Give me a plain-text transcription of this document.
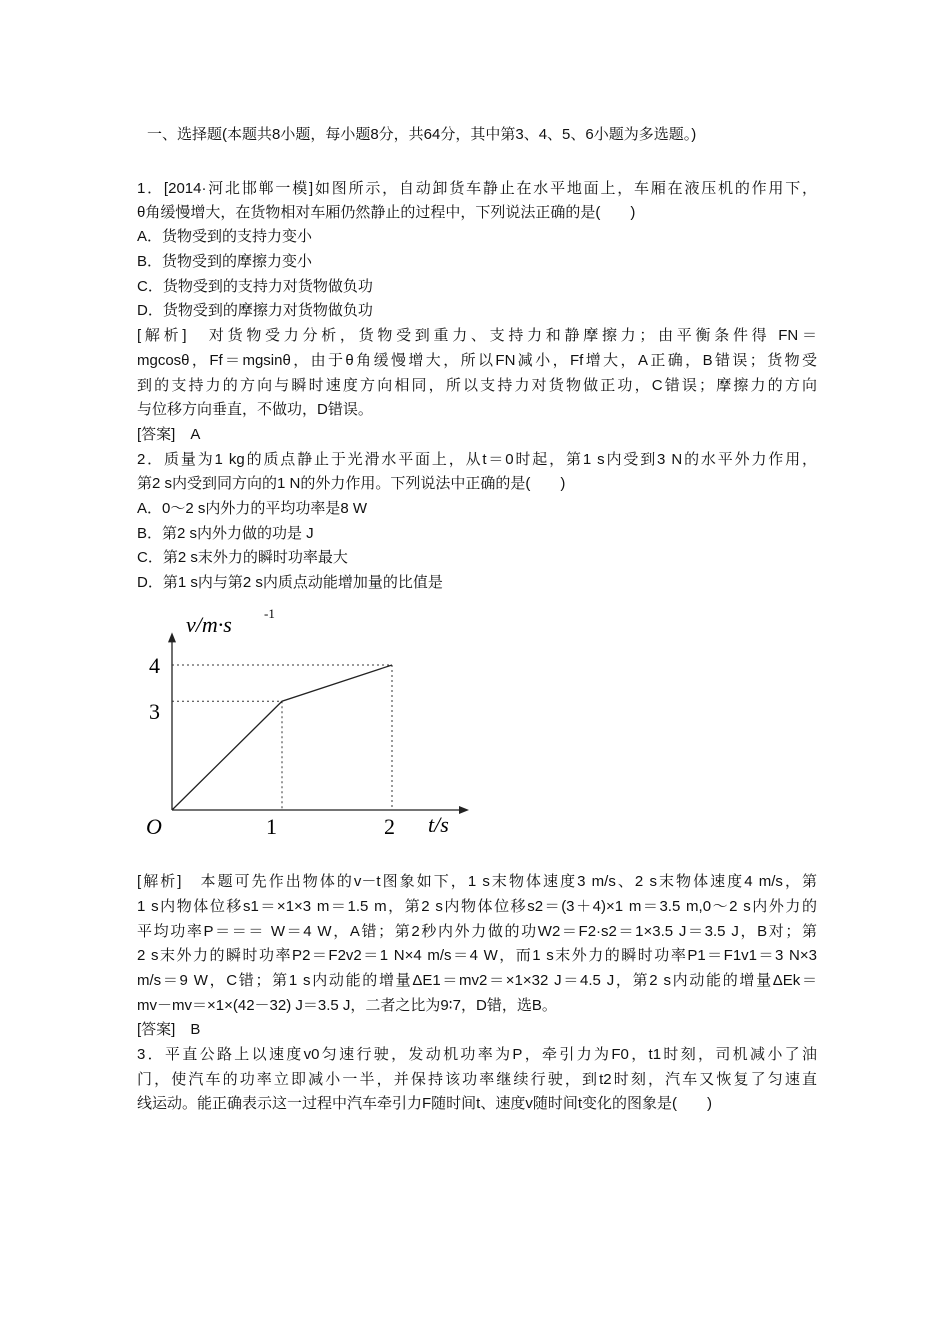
一、选择题(本题共8小题，每小题8分，共64分，其中第3、4、5、6小题为多选题。)
1．[2014·河北邯郸一模]如图所示，自动卸货车静止在水平地面上，车厢在液压机的作用下，
θ角缓慢增大，在货物相对车厢仍然静止的过程中，下列说法正确的是(　　)
A．货物受到的支持力变小
B．货物受到的摩擦力变小
C．货物受到的支持力对货物做负功
D．货物受到的摩擦力对货物做负功
[解析]　对货物受力分析，货物受到重力、支持力和静摩擦力；由平衡条件得 FN＝
mgcosθ，Ff＝mgsinθ，由于θ角缓慢增大，所以FN减小，Ff增大，A正确，B错误；货物受
到的支持力的方向与瞬时速度方向相同，所以支持力对货物做正功，C错误；摩擦力的方向
与位移方向垂直，不做功，D错误。
[答案]　A
2．质量为1 kg的质点静止于光滑水平面上，从t＝0时起，第1 s内受到3 N的水平外力作用，
第2 s内受到同方向的1 N的外力作用。下列说法中正确的是(　　)
A．0～2 s内外力的平均功率是8 W
B．第2 s内外力做的功是 J
C．第2 s末外力的瞬时功率最大
D．第1 s内与第2 s内质点动能增加量的比值是
v/m·s -1
t/s
O	1	2
3
4
[解析]　本题可先作出物体的v－t图象如下，1 s末物体速度3 m/s、2 s末物体速度4 m/s，第
1 s内物体位移s1＝×1×3 m＝1.5 m，第2 s内物体位移s2＝(3＋4)×1 m＝3.5 m,0～2 s内外力的
平均功率P＝＝＝ W＝4 W，A错；第2秒内外力做的功W2＝F2·s2＝1×3.5 J＝3.5 J，B对；第
2 s末外力的瞬时功率P2＝F2v2＝1 N×4 m/s＝4 W，而1 s末外力的瞬时功率P1＝F1v1＝3 N×3
m/s＝9 W，C错；第1 s内动能的增量ΔE1＝mv2＝×1×32 J＝4.5 J，第2 s内动能的增量ΔEk＝
mv－mv＝×1×(42－32) J＝3.5 J，二者之比为9∶7，D错，选B。
[答案]　B
3．平直公路上以速度v0匀速行驶，发动机功率为P，牵引力为F0，t1时刻，司机减小了油
门，使汽车的功率立即减小一半，并保持该功率继续行驶，到t2时刻，汽车又恢复了匀速直
线运动。能正确表示这一过程中汽车牵引力F随时间t、速度v随时间t变化的图象是(　　)
